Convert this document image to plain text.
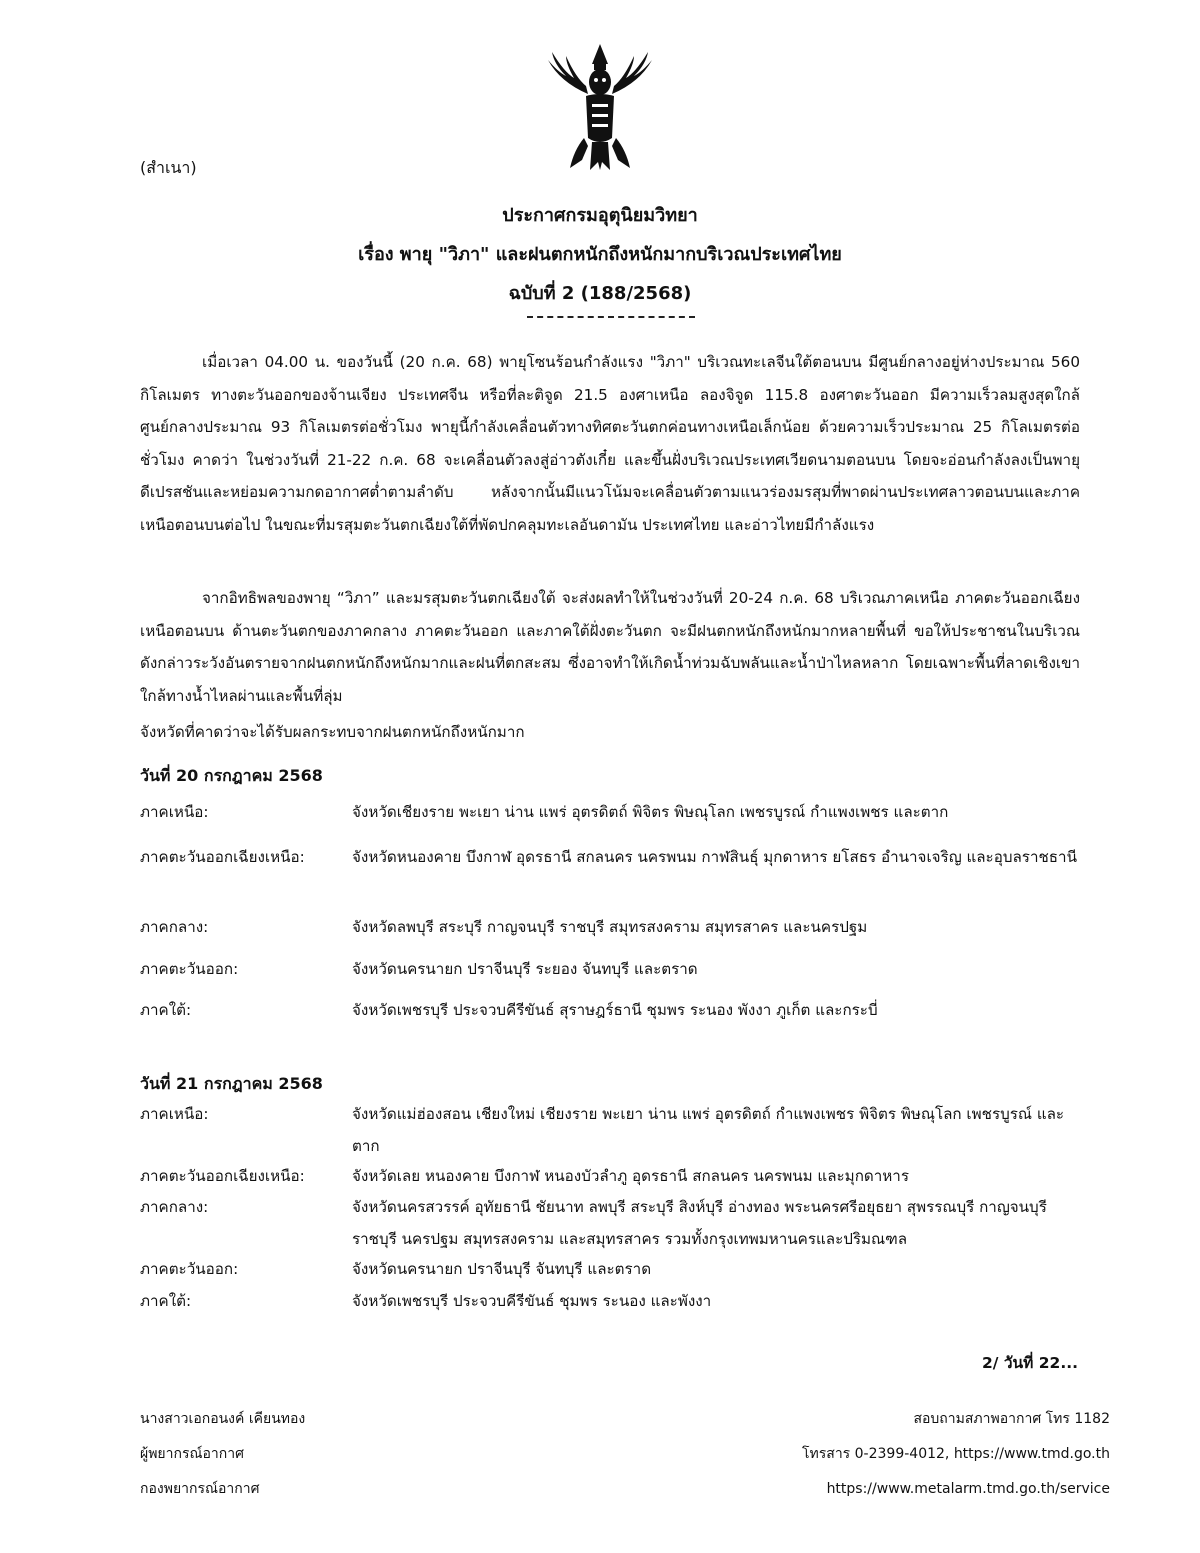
(สำเนา)
ประกาศกรมอุตุนิยมวิทยา
เรื่อง พายุ "วิภา" และฝนตกหนักถึงหนักมากบริเวณประเทศไทย
ฉบับที่ 2 (188/2568)
เมื่อเวลา 04.00 น. ของวันนี้ (20 ก.ค. 68) พายุโซนร้อนกำลังแรง "วิภา" บริเวณทะเลจีนใต้ตอนบน มีศูนย์กลางอยู่ห่างประมาณ 560 กิโลเมตร ทางตะวันออกของจ้านเจียง ประเทศจีน หรือที่ละติจูด 21.5 องศาเหนือ ลองจิจูด 115.8 องศาตะวันออก มีความเร็วลมสูงสุดใกล้ศูนย์กลางประมาณ 93 กิโลเมตรต่อชั่วโมง พายุนี้กำลังเคลื่อนตัวทางทิศตะวันตกค่อนทางเหนือเล็กน้อย ด้วยความเร็วประมาณ 25 กิโลเมตรต่อชั่วโมง คาดว่า ในช่วงวันที่ 21-22 ก.ค. 68 จะเคลื่อนตัวลงสู่อ่าวตังเกี๋ย และขึ้นฝั่งบริเวณประเทศเวียดนามตอนบน โดยจะอ่อนกำลังลงเป็นพายุดีเปรสชันและหย่อมความกดอากาศต่ำตามลำดับ หลังจากนั้นมีแนวโน้มจะเคลื่อนตัวตามแนวร่องมรสุมที่พาดผ่านประเทศลาวตอนบนและภาคเหนือตอนบนต่อไป ในขณะที่มรสุมตะวันตกเฉียงใต้ที่พัดปกคลุมทะเลอันดามัน ประเทศไทย และอ่าวไทยมีกำลังแรง
จากอิทธิพลของพายุ “วิภา” และมรสุมตะวันตกเฉียงใต้ จะส่งผลทำให้ในช่วงวันที่ 20-24 ก.ค. 68 บริเวณภาคเหนือ ภาคตะวันออกเฉียงเหนือตอนบน ด้านตะวันตกของภาคกลาง ภาคตะวันออก และภาคใต้ฝั่งตะวันตก จะมีฝนตกหนักถึงหนักมากหลายพื้นที่ ขอให้ประชาชนในบริเวณดังกล่าวระวังอันตรายจากฝนตกหนักถึงหนักมากและฝนที่ตกสะสม ซึ่งอาจทำให้เกิดน้ำท่วมฉับพลันและน้ำป่าไหลหลาก โดยเฉพาะพื้นที่ลาดเชิงเขาใกล้ทางน้ำไหลผ่านและพื้นที่ลุ่ม
จังหวัดที่คาดว่าจะได้รับผลกระทบจากฝนตกหนักถึงหนักมาก
วันที่ 20 กรกฎาคม 2568
ภาคเหนือ:	จังหวัดเชียงราย พะเยา น่าน แพร่ อุตรดิตถ์ พิจิตร พิษณุโลก เพชรบูรณ์ กำแพงเพชร และตาก
ภาคตะวันออกเฉียงเหนือ:	จังหวัดหนองคาย บึงกาฬ อุดรธานี สกลนคร นครพนม กาฬสินธุ์ มุกดาหาร ยโสธร อำนาจเจริญ และอุบลราชธานี
ภาคกลาง:	จังหวัดลพบุรี สระบุรี กาญจนบุรี ราชบุรี สมุทรสงคราม สมุทรสาคร และนครปฐม
ภาคตะวันออก:	จังหวัดนครนายก ปราจีนบุรี ระยอง จันทบุรี และตราด
ภาคใต้:	จังหวัดเพชรบุรี ประจวบคีรีขันธ์ สุราษฎร์ธานี ชุมพร ระนอง พังงา ภูเก็ต และกระบี่
วันที่ 21 กรกฎาคม 2568
ภาคเหนือ:	จังหวัดแม่ฮ่องสอน เชียงใหม่ เชียงราย พะเยา น่าน แพร่ อุตรดิตถ์ กำแพงเพชร พิจิตร พิษณุโลก เพชรบูรณ์ และตาก
ภาคตะวันออกเฉียงเหนือ:	จังหวัดเลย หนองคาย บึงกาฬ หนองบัวลำภู อุดรธานี สกลนคร นครพนม และมุกดาหาร
ภาคกลาง:	จังหวัดนครสวรรค์ อุทัยธานี ชัยนาท ลพบุรี สระบุรี สิงห์บุรี อ่างทอง พระนครศรีอยุธยา สุพรรณบุรี กาญจนบุรี ราชบุรี นครปฐม สมุทรสงคราม และสมุทรสาคร รวมทั้งกรุงเทพมหานครและปริมณฑล
ภาคตะวันออก:	จังหวัดนครนายก ปราจีนบุรี จันทบุรี และตราด
ภาคใต้:	จังหวัดเพชรบุรี ประจวบคีรีขันธ์ ชุมพร ระนอง และพังงา
2/ วันที่ 22...
นางสาวเอกอนงค์ เคียนทอง
ผู้พยากรณ์อากาศ
กองพยากรณ์อากาศ
สอบถามสภาพอากาศ โทร 1182
โทรสาร 0-2399-4012, https://www.tmd.go.th
https://www.metalarm.tmd.go.th/service
